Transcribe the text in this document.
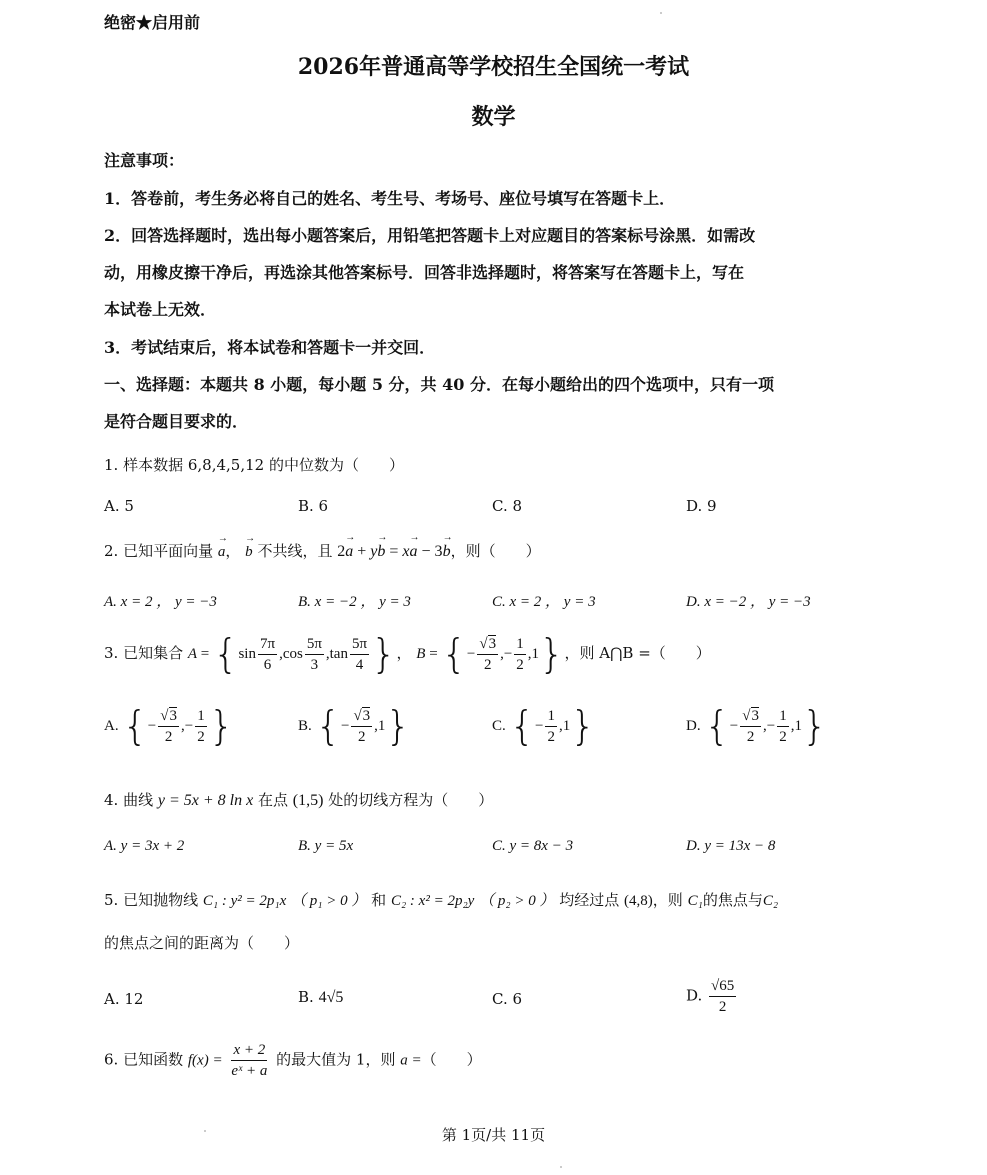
绝密★启用前
2026年普通高等学校招生全国统一考试
数学
注意事项：
1．答卷前，考生务必将自己的姓名、考生号、考场号、座位号填写在答题卡上．
2．回答选择题时，选出每小题答案后，用铅笔把答题卡上对应题目的答案标号涂黑．如需改
动，用橡皮擦干净后，再选涂其他答案标号．回答非选择题时，将答案写在答题卡上，写在
本试卷上无效．
3．考试结束后，将本试卷和答题卡一并交回．
一、选择题：本题共 8 小题，每小题 5 分，共 40 分．在每小题给出的四个选项中，只有一项
是符合题目要求的．
1. 样本数据 6,8,4,5,12 的中位数为（　　）
A. 5	B. 6	C. 8	D. 9
2. 已知平面向量 → a， → b 不共线，且 2→ a + y→ b = x→ a − 3→ b，则（　　）
A. x = 2 ， y = −3	B. x = −2 ， y = 3	C. x = 2 ， y = 3	D. x = −2 ， y = −3
3. 已知集合 $A = \{\sin \frac{7\pi}{6} ,\cos \frac{5\pi}{3} ,\tan \frac{5\pi}{4}$ }， B = {− $\frac{√3}{2}$ ,− $\frac{1}{2} ,1$}，则 A⋂B =（　　）
A. {− $\frac{√3}{2}$ ,− $\frac{1}{2}$ }	B. {− $\frac{√3}{2} ,1$}	C. {− $\frac{1}{2} ,1$}	D. {− $\frac{√3}{2}$ ,− $\frac{1}{2} ,1$}
4. 曲线 y = 5x + 8 ln x 在点 (1,5) 处的切线方程为（　　）
A. y = 3x + 2	B. y = 5x	C. y = 8x − 3	D. y = 13x − 8
5. 已知抛物线 C₁ : y² = 2p₁x （ p₁ > 0 ） 和 C₂ : x² = 2p₂y （ p₂ > 0 ） 均经过点 (4,8)，则 C₁的焦点与C₂
的焦点之间的距离为（　　）
A. 12	B. 4√5	C. 6	D. $\frac{√65}{2}$
6. 已知函数 $f(x) = \frac{x + 2}{\text{eˣ + a}}$ 的最大值为 1，则 a =（　　）
第 1页/共 11页
